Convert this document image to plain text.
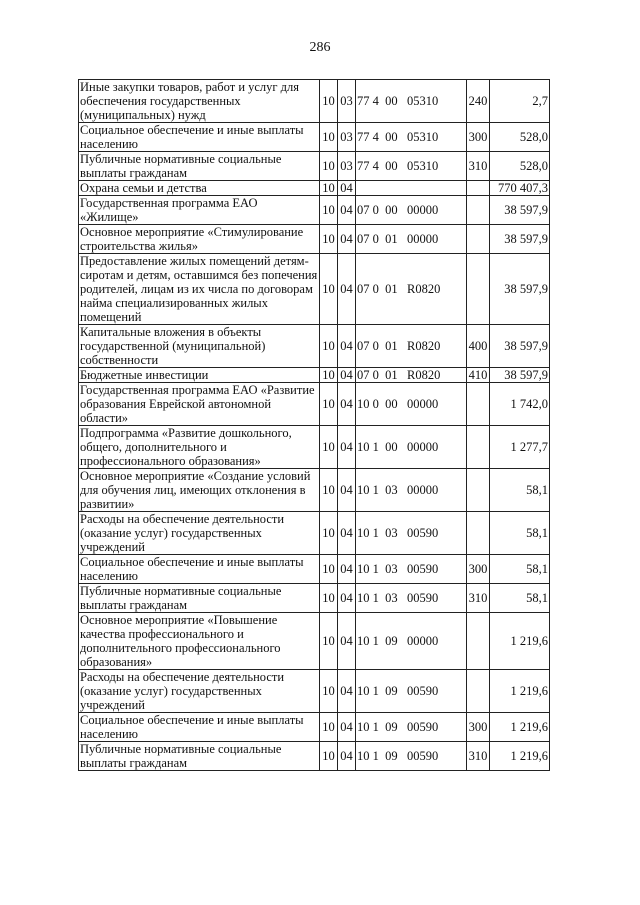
286
Иные закупки товаров, работ и услуг для обеспечения государственных (муниципальных) нужд	10	03	77 4  00   05310	240	2,7
Социальное обеспечение и иные выплаты населению	10	03	77 4  00   05310	300	528,0
Публичные нормативные социальные выплаты гражданам	10	03	77 4  00   05310	310	528,0
Охрана семьи и детства	10	04			770 407,3
Государственная программа ЕАО «Жилище»	10	04	07 0  00   00000		38 597,9
Основное мероприятие «Стимулирование строительства жилья»	10	04	07 0  01   00000		38 597,9
Предоставление жилых помещений детям-сиротам и детям, оставшимся без попечения родителей, лицам из их числа по договорам найма специализированных жилых помещений	10	04	07 0  01   R0820		38 597,9
Капитальные вложения в объекты государственной (муниципальной) собственности	10	04	07 0  01   R0820	400	38 597,9
Бюджетные инвестиции	10	04	07 0  01   R0820	410	38 597,9
Государственная программа ЕАО «Развитие образования Еврейской автономной области»	10	04	10 0  00   00000		1 742,0
Подпрограмма «Развитие дошкольного, общего, дополнительного и профессионального образования»	10	04	10 1  00   00000		1 277,7
Основное мероприятие «Создание условий для обучения лиц, имеющих отклонения в развитии»	10	04	10 1  03   00000		58,1
Расходы на обеспечение деятельности (оказание услуг) государственных учреждений	10	04	10 1  03   00590		58,1
Социальное обеспечение и иные выплаты населению	10	04	10 1  03   00590	300	58,1
Публичные нормативные социальные выплаты гражданам	10	04	10 1  03   00590	310	58,1
Основное мероприятие «Повышение качества профессионального и дополнительного профессионального образования»	10	04	10 1  09   00000		1 219,6
Расходы на обеспечение деятельности (оказание услуг) государственных учреждений	10	04	10 1  09   00590		1 219,6
Социальное обеспечение и иные выплаты населению	10	04	10 1  09   00590	300	1 219,6
Публичные нормативные социальные выплаты гражданам	10	04	10 1  09   00590	310	1 219,6
